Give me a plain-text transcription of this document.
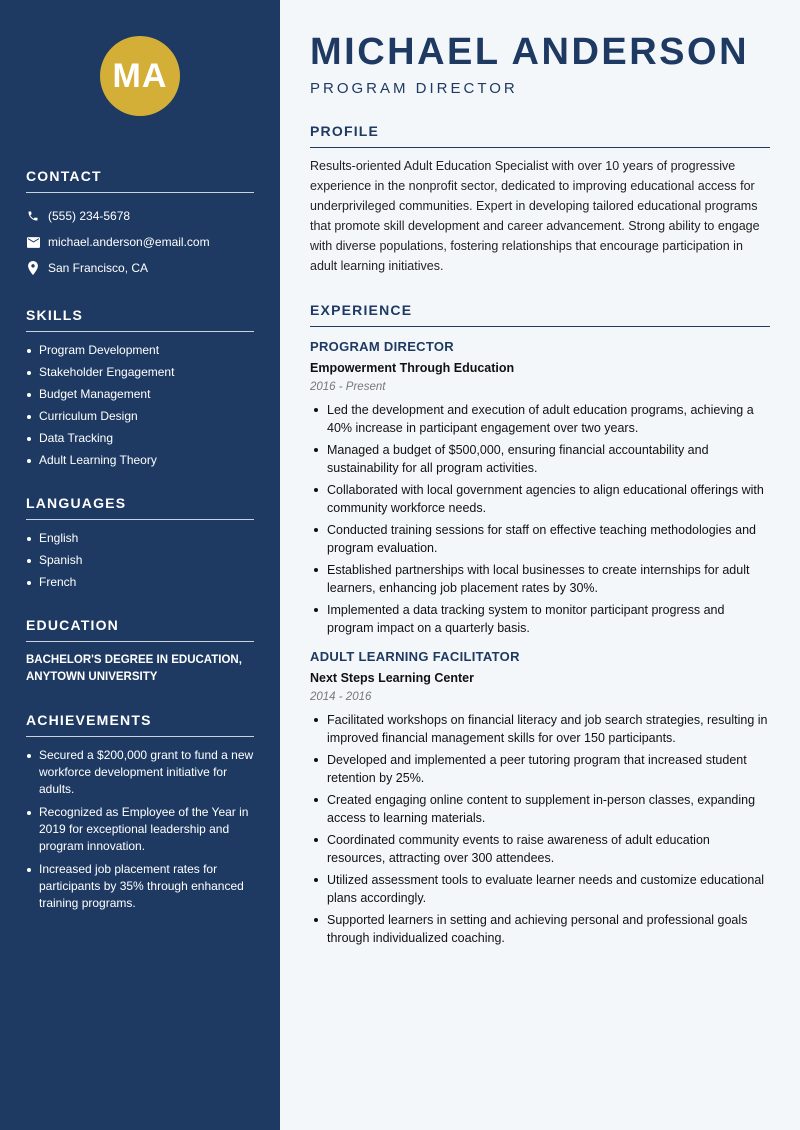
MA
CONTACT
(555) 234-5678
michael.anderson@email.com
San Francisco, CA
SKILLS
Program Development
Stakeholder Engagement
Budget Management
Curriculum Design
Data Tracking
Adult Learning Theory
LANGUAGES
English
Spanish
French
EDUCATION

BACHELOR'S DEGREE IN EDUCATION, ANYTOWN UNIVERSITY

ACHIEVEMENTS
Secured a $200,000 grant to fund a new workforce development initiative for adults.
Recognized as Employee of the Year in 2019 for exceptional leadership and program innovation.
Increased job placement rates for participants by 35% through enhanced training programs.
MICHAEL ANDERSON
PROGRAM DIRECTOR
PROFILE

Results-oriented Adult Education Specialist with over 10 years of progressive experience in the nonprofit sector, dedicated to improving educational access for underprivileged communities. Expert in developing tailored educational programs that promote skill development and career advancement. Strong ability to engage with diverse populations, fostering relationships that encourage participation in adult learning initiatives.

EXPERIENCE
PROGRAM DIRECTOR
Empowerment Through Education
2016 - Present
Led the development and execution of adult education programs, achieving a 40% increase in participant engagement over two years.
Managed a budget of $500,000, ensuring financial accountability and sustainability for all program activities.
Collaborated with local government agencies to align educational offerings with community workforce needs.
Conducted training sessions for staff on effective teaching methodologies and program evaluation.
Established partnerships with local businesses to create internships for adult learners, enhancing job placement rates by 30%.
Implemented a data tracking system to monitor participant progress and program impact on a quarterly basis.
ADULT LEARNING FACILITATOR
Next Steps Learning Center
2014 - 2016
Facilitated workshops on financial literacy and job search strategies, resulting in improved financial management skills for over 150 participants.
Developed and implemented a peer tutoring program that increased student retention by 25%.
Created engaging online content to supplement in-person classes, expanding access to learning materials.
Coordinated community events to raise awareness of adult education resources, attracting over 300 attendees.
Utilized assessment tools to evaluate learner needs and customize educational plans accordingly.
Supported learners in setting and achieving personal and professional goals through individualized coaching.
